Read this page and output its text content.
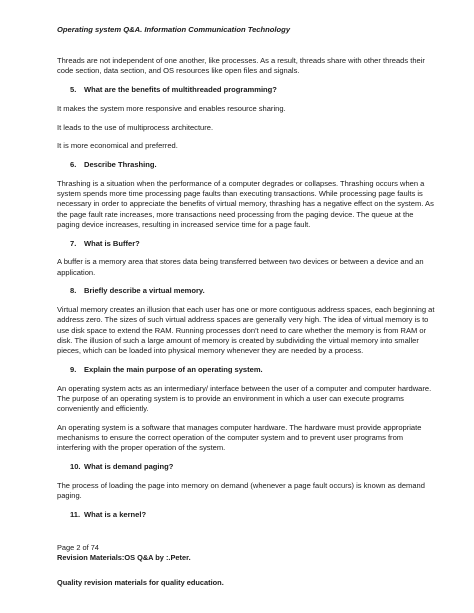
Operating system Q&A. Information Communication Technology

Threads are not independent of one another, like processes. As a result, threads share with other threads their code section, data section, and OS resources like open files and signals.

5. What are the benefits of multithreaded programming?

It makes the system more responsive and enables resource sharing.

It leads to the use of multiprocess architecture.

It is more economical and preferred.

6. Describe Thrashing.

Thrashing is a situation when the performance of a computer degrades or collapses. Thrashing occurs when a system spends more time processing page faults than executing transactions. While processing page faults is necessary in order to appreciate the benefits of virtual memory, thrashing has a negative effect on the system. As the page fault rate increases, more transactions need processing from the paging device. The queue at the paging device increases, resulting in increased service time for a page fault.

7. What is Buffer?

A buffer is a memory area that stores data being transferred between two devices or between a device and an application.

8. Briefly describe a virtual memory.

Virtual memory creates an illusion that each user has one or more contiguous address spaces, each beginning at address zero. The sizes of such virtual address spaces are generally very high. The idea of virtual memory is to use disk space to extend the RAM. Running processes don’t need to care whether the memory is from RAM or disk. The illusion of such a large amount of memory is created by subdividing the virtual memory into smaller pieces, which can be loaded into physical memory whenever they are needed by a process.

9. Explain the main purpose of an operating system.

An operating system acts as an intermediary/ interface between the user of a computer and computer hardware. The purpose of an operating system is to provide an environment in which a user can execute programs conveniently and efficiently.

An operating system is a software that manages computer hardware. The hardware must provide appropriate mechanisms to ensure the correct operation of the computer system and to prevent user programs from interfering with the proper operation of the system.

10. What is demand paging?

The process of loading the page into memory on demand (whenever a page fault occurs) is known as demand paging.

11. What is a kernel?
Page 2 of 74
Revision Materials:OS Q&A by :.Peter.
Quality revision materials for quality education.
